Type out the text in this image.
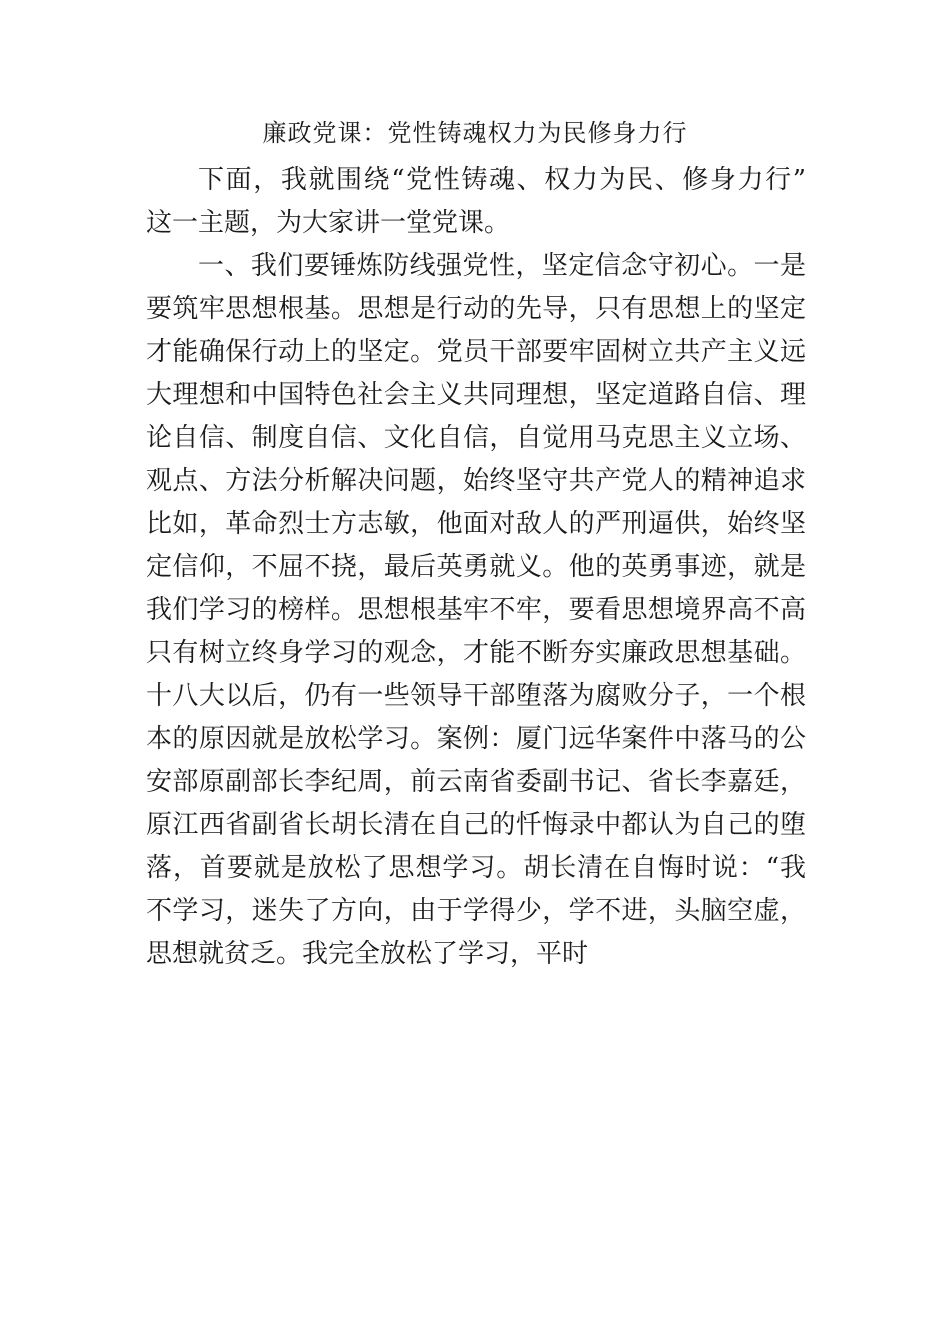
廉政党课：党性铸魂权力为民修身力行
下面，我就围绕“党性铸魂、权力为民、修身力行”
这一主题，为大家讲一堂党课。
一、我们要锤炼防线强党性，坚定信念守初心。一是
要筑牢思想根基。思想是行动的先导，只有思想上的坚定
才能确保行动上的坚定。党员干部要牢固树立共产主义远
大理想和中国特色社会主义共同理想，坚定道路自信、理
论自信、制度自信、文化自信，自觉用马克思主义立场、
观点、方法分析解决问题，始终坚守共产党人的精神追求
比如，革命烈士方志敏，他面对敌人的严刑逼供，始终坚
定信仰，不屈不挠，最后英勇就义。他的英勇事迹，就是
我们学习的榜样。思想根基牢不牢，要看思想境界高不高
只有树立终身学习的观念，才能不断夯实廉政思想基础。
十八大以后，仍有一些领导干部堕落为腐败分子，一个根
本的原因就是放松学习。案例：厦门远华案件中落马的公
安部原副部长李纪周，前云南省委副书记、省长李嘉廷，
原江西省副省长胡长清在自己的忏悔录中都认为自己的堕
落，首要就是放松了思想学习。胡长清在自悔时说：“我
不学习，迷失了方向，由于学得少，学不进，头脑空虚，
思想就贫乏。我完全放松了学习，平时
